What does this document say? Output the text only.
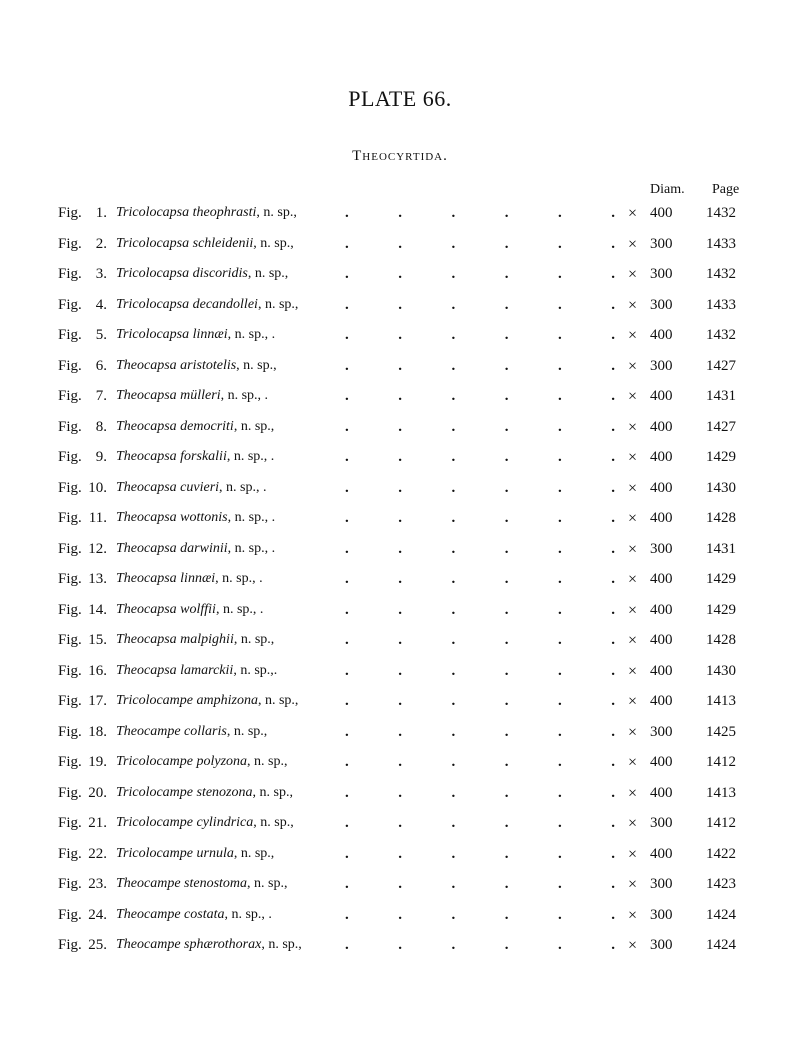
PLATE 66.
Theocyrtida.
Diam. Page
Fig. 1. Tricolocapsa theophrasti, n. sp.,	.	.	.	.	.	. × 400 1432
Fig. 2. Tricolocapsa schleidenii, n. sp.,	.	.	.	.	.	. × 300 1433
Fig. 3. Tricolocapsa discoridis, n. sp.,	.	.	.	.	.	. × 300 1432
Fig. 4. Tricolocapsa decandollei, n. sp.,	.	.	.	.	.	. × 300 1433
Fig. 5. Tricolocapsa linnæi, n. sp., .	.	.	.	.	.	. × 400 1432
Fig. 6. Theocapsa aristotelis, n. sp.,	.	.	.	.	.	. × 300 1427
Fig. 7. Theocapsa mülleri, n. sp., .	.	.	.	.	.	. × 400 1431
Fig. 8. Theocapsa democriti, n. sp.,	.	.	.	.	.	. × 400 1427
Fig. 9. Theocapsa forskalii, n. sp., .	.	.	.	.	.	. × 400 1429
Fig. 10. Theocapsa cuvieri, n. sp., .	.	.	.	.	.	. × 400 1430
Fig. 11. Theocapsa wottonis, n. sp., .	.	.	.	.	.	. × 400 1428
Fig. 12. Theocapsa darwinii, n. sp., .	.	.	.	.	.	. × 300 1431
Fig. 13. Theocapsa linnæi, n. sp., .	.	.	.	.	.	. × 400 1429
Fig. 14. Theocapsa wolffii, n. sp., .	.	.	.	.	.	. × 400 1429
Fig. 15. Theocapsa malpighii, n. sp.,	.	.	.	.	.	. × 400 1428
Fig. 16. Theocapsa lamarckii, n. sp.,.	.	.	.	.	.	. × 400 1430
Fig. 17. Tricolocampe amphizona, n. sp.,	.	.	.	.	.	. × 400 1413
Fig. 18. Theocampe collaris, n. sp.,	.	.	.	.	.	. × 300 1425
Fig. 19. Tricolocampe polyzona, n. sp.,	.	.	.	.	.	. × 400 1412
Fig. 20. Tricolocampe stenozona, n. sp.,	.	.	.	.	.	. × 400 1413
Fig. 21. Tricolocampe cylindrica, n. sp.,	.	.	.	.	.	. × 300 1412
Fig. 22. Tricolocampe urnula, n. sp.,	.	.	.	.	.	. × 400 1422
Fig. 23. Theocampe stenostoma, n. sp.,	.	.	.	.	.	. × 300 1423
Fig. 24. Theocampe costata, n. sp., .	.	.	.	.	.	. × 300 1424
Fig. 25. Theocampe sphærothorax, n. sp.,	.	.	.	.	.	. × 300 1424
